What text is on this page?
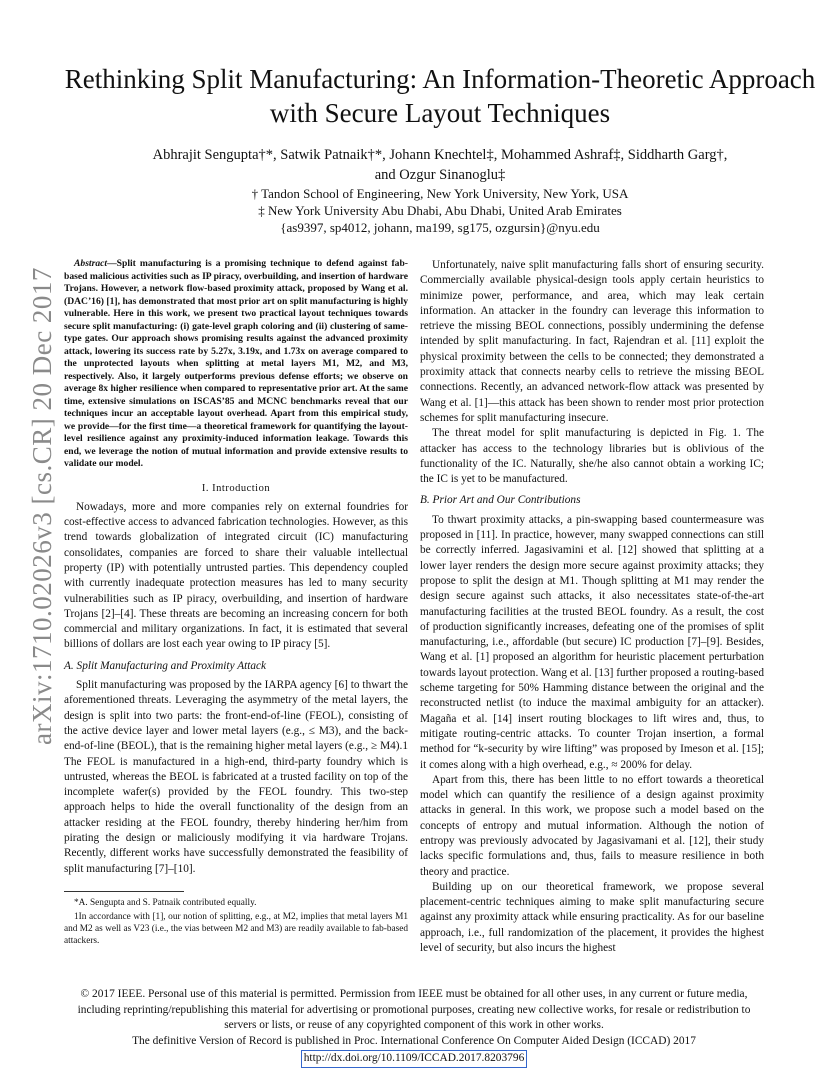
arXiv:1710.02026v3 [cs.CR] 20 Dec 2017
Rethinking Split Manufacturing: An Information-Theoretic Approach with Secure Layout Techniques
Abhrajit Sengupta†*, Satwik Patnaik†*, Johann Knechtel‡, Mohammed Ashraf‡, Siddharth Garg†,
and Ozgur Sinanoglu‡
† Tandon School of Engineering, New York University, New York, USA
‡ New York University Abu Dhabi, Abu Dhabi, United Arab Emirates
{as9397, sp4012, johann, ma199, sg175, ozgursin}@nyu.edu

Abstract—Split manufacturing is a promising technique to defend against fab-based malicious activities such as IP piracy, overbuilding, and insertion of hardware Trojans. However, a network flow-based proximity attack, proposed by Wang et al. (DAC’16) [1], has demonstrated that most prior art on split manufacturing is highly vulnerable. Here in this work, we present two practical layout techniques towards secure split manufacturing: (i) gate-level graph coloring and (ii) clustering of same-type gates. Our approach shows promising results against the advanced proximity attack, lowering its success rate by 5.27x, 3.19x, and 1.73x on average compared to the unprotected layouts when splitting at metal layers M1, M2, and M3, respectively. Also, it largely outperforms previous defense efforts; we observe on average 8x higher resilience when compared to representative prior art. At the same time, extensive simulations on ISCAS’85 and MCNC benchmarks reveal that our techniques incur an acceptable layout overhead. Apart from this empirical study, we provide—for the first time—a theoretical framework for quantifying the layout-level resilience against any proximity-induced information leakage. Towards this end, we leverage the notion of mutual information and provide extensive results to validate our model.

I. Introduction

Nowadays, more and more companies rely on external foundries for cost-effective access to advanced fabrication technologies. However, as this trend towards globalization of integrated circuit (IC) manufacturing consolidates, companies are forced to share their valuable intellectual property (IP) with potentially untrusted parties. This dependency coupled with currently inadequate protection measures has led to many security vulnerabilities such as IP piracy, overbuilding, and insertion of hardware Trojans [2]–[4]. These threats are becoming an increasing concern for both commercial and military organizations. In fact, it is estimated that several billions of dollars are lost each year owing to IP piracy [5].

A. Split Manufacturing and Proximity Attack

Split manufacturing was proposed by the IARPA agency [6] to thwart the aforementioned threats. Leveraging the asymmetry of the metal layers, the design is split into two parts: the front-end-of-line (FEOL), consisting of the active device layer and lower metal layers (e.g., ≤ M3), and the back-end-of-line (BEOL), that is the remaining higher metal layers (e.g., ≥ M4).1 The FEOL is manufactured in a high-end, third-party foundry which is untrusted, whereas the BEOL is fabricated at a trusted facility on top of the incomplete wafer(s) provided by the FEOL foundry. This two-step approach helps to hide the overall functionality of the design from an attacker residing at the FEOL foundry, thereby hindering her/him from pirating the design or maliciously modifying it via hardware Trojans. Recently, different works have successfully demonstrated the feasibility of split manufacturing [7]–[10].

*A. Sengupta and S. Patnaik contributed equally.

1In accordance with [1], our notion of splitting, e.g., at M2, implies that metal layers M1 and M2 as well as V23 (i.e., the vias between M2 and M3) are readily available to fab-based attackers.

Unfortunately, naive split manufacturing falls short of ensuring security. Commercially available physical-design tools apply certain heuristics to minimize power, performance, and area, which may leak certain information. An attacker in the foundry can leverage this information to retrieve the missing BEOL connections, possibly undermining the defense intended by split manufacturing. In fact, Rajendran et al. [11] exploit the physical proximity between the cells to be connected; they demonstrated a proximity attack that connects nearby cells to retrieve the missing BEOL connections. Recently, an advanced network-flow attack was presented by Wang et al. [1]—this attack has been shown to render most prior protection schemes for split manufacturing insecure.

The threat model for split manufacturing is depicted in Fig. 1. The attacker has access to the technology libraries but is oblivious of the functionality of the IC. Naturally, she/he also cannot obtain a working IC; the IC is yet to be manufactured.

B. Prior Art and Our Contributions

To thwart proximity attacks, a pin-swapping based countermeasure was proposed in [11]. In practice, however, many swapped connections can still be correctly inferred. Jagasivamini et al. [12] showed that splitting at a lower layer renders the design more secure against proximity attacks; they propose to split the design at M1. Though splitting at M1 may render the design secure against such attacks, it also necessitates state-of-the-art manufacturing facilities at the trusted BEOL foundry. As a result, the cost of production significantly increases, defeating one of the promises of split manufacturing, i.e., affordable (but secure) IC production [7]–[9]. Besides, Wang et al. [1] proposed an algorithm for heuristic placement perturbation towards layout protection. Wang et al. [13] further proposed a routing-based scheme targeting for 50% Hamming distance between the original and the reconstructed netlist (to induce the maximal ambiguity for an attacker). Magaña et al. [14] insert routing blockages to lift wires and, thus, to mitigate routing-centric attacks. To counter Trojan insertion, a formal method for “k-security by wire lifting” was proposed by Imeson et al. [15]; it comes along with a high overhead, e.g., ≈ 200% for delay.

Apart from this, there has been little to no effort towards a theoretical model which can quantify the resilience of a design against proximity attacks in general. In this work, we propose such a model based on the concepts of entropy and mutual information. Although the notion of entropy was previously advocated by Jagasivamani et al. [12], their study lacks specific formulations and, thus, fails to measure resilience in both theory and practice.

Building up on our theoretical framework, we propose several placement-centric techniques aiming to make split manufacturing secure against any proximity attack while ensuring practicality. As for our baseline approach, i.e., full randomization of the placement, it provides the highest level of security, but also incurs the highest

© 2017 IEEE. Personal use of this material is permitted. Permission from IEEE must be obtained for all other uses, in any current or future media, including reprinting/republishing this material for advertising or promotional purposes, creating new collective works, for resale or redistribution to servers or lists, or reuse of any copyrighted component of this work in other works.
The definitive Version of Record is published in Proc. International Conference On Computer Aided Design (ICCAD) 2017
http://dx.doi.org/10.1109/ICCAD.2017.8203796
